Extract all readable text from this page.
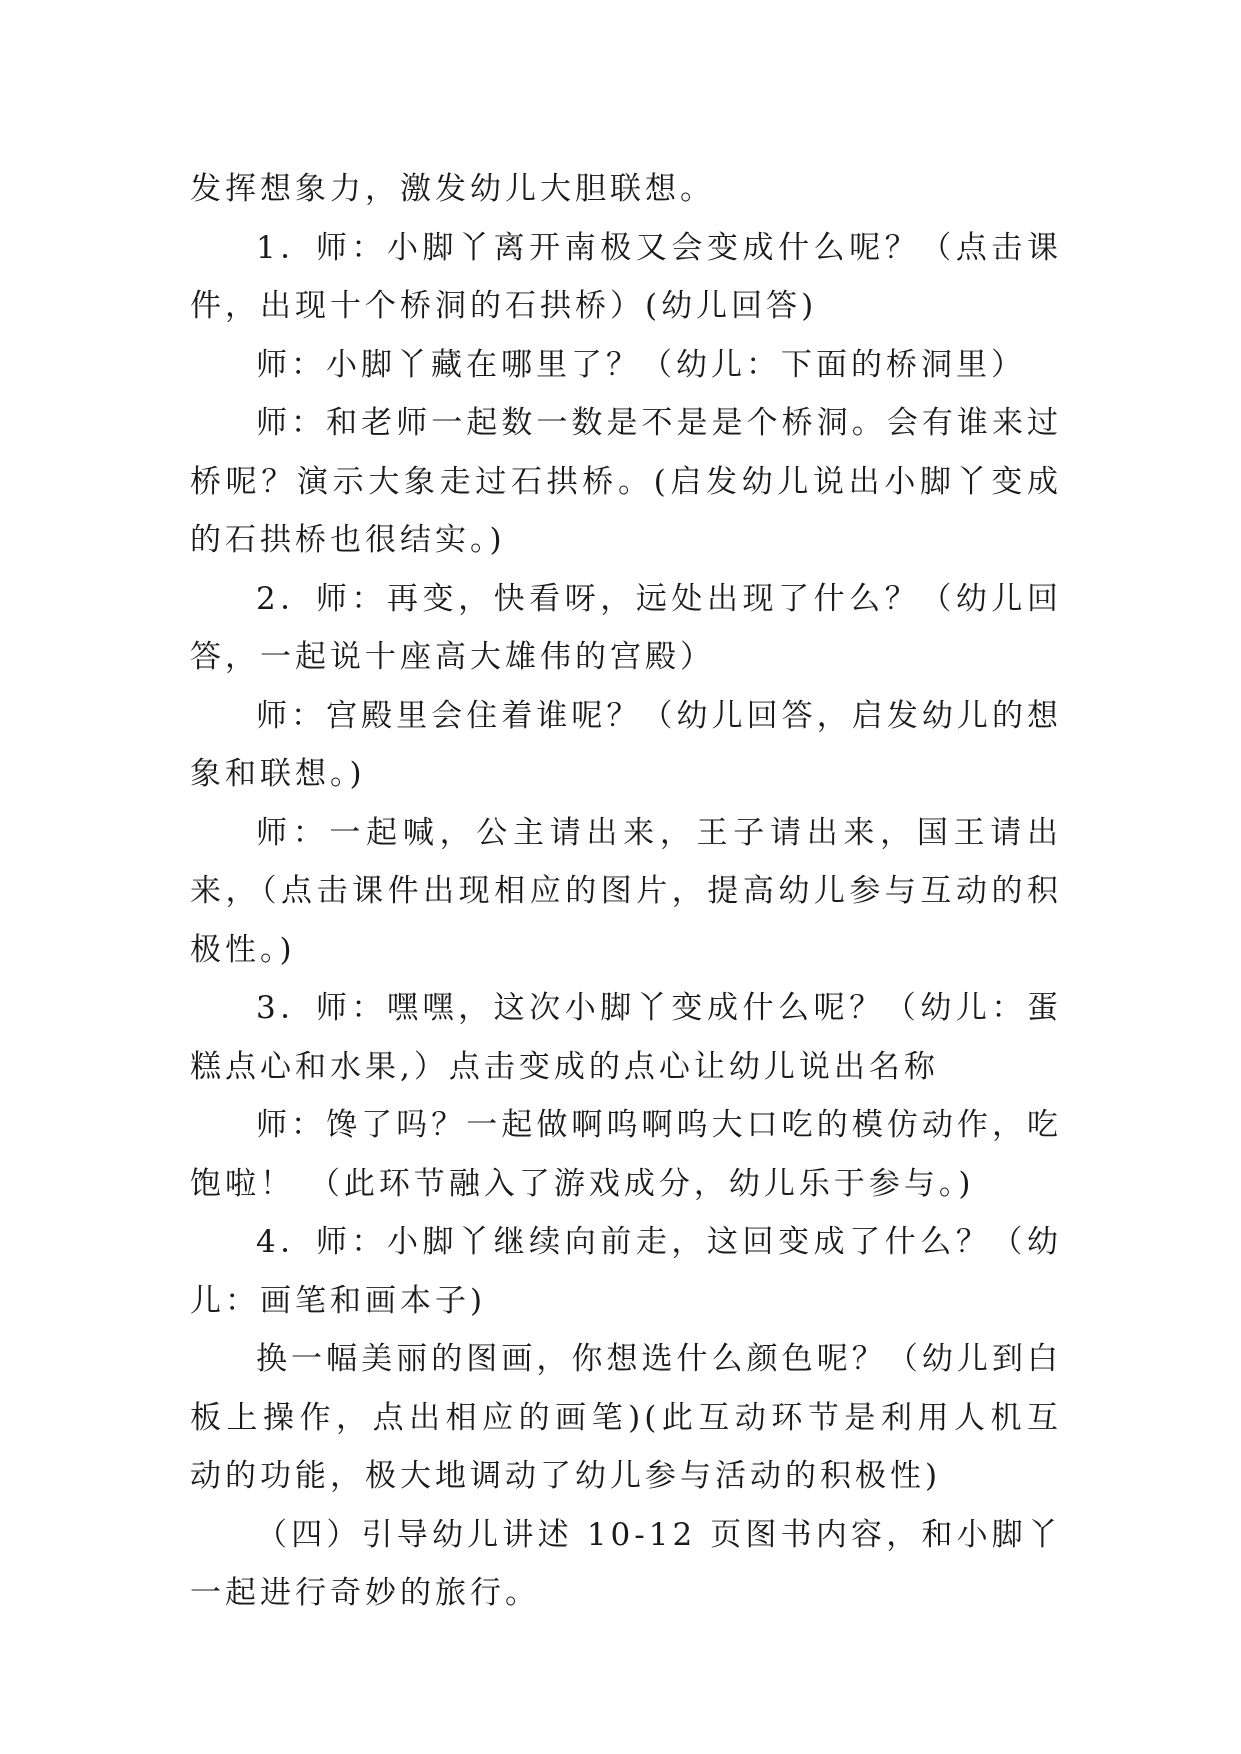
发挥想象力，激发幼儿大胆联想。

1．师：小脚丫离开南极又会变成什么呢？（点击课件，出现十个桥洞的石拱桥）(幼儿回答)

师：小脚丫藏在哪里了？（幼儿：下面的桥洞里）

师：和老师一起数一数是不是是个桥洞。会有谁来过桥呢？演示大象走过石拱桥。(启发幼儿说出小脚丫变成的石拱桥也很结实。)

2．师：再变，快看呀，远处出现了什么？（幼儿回答，一起说十座高大雄伟的宫殿）

师：宫殿里会住着谁呢？（幼儿回答，启发幼儿的想象和联想。)

师：一起喊，公主请出来，王子请出来，国王请出来，（点击课件出现相应的图片，提高幼儿参与互动的积极性。)

3．师：嘿嘿，这次小脚丫变成什么呢？（幼儿：蛋糕点心和水果,）点击变成的点心让幼儿说出名称

师：馋了吗？一起做啊呜啊呜大口吃的模仿动作，吃饱啦！ （此环节融入了游戏成分，幼儿乐于参与。)

4．师：小脚丫继续向前走，这回变成了什么？（幼儿：画笔和画本子)

换一幅美丽的图画，你想选什么颜色呢？（幼儿到白板上操作，点出相应的画笔)(此互动环节是利用人机互动的功能，极大地调动了幼儿参与活动的积极性)

（四）引导幼儿讲述 10-12 页图书内容，和小脚丫一起进行奇妙的旅行。
